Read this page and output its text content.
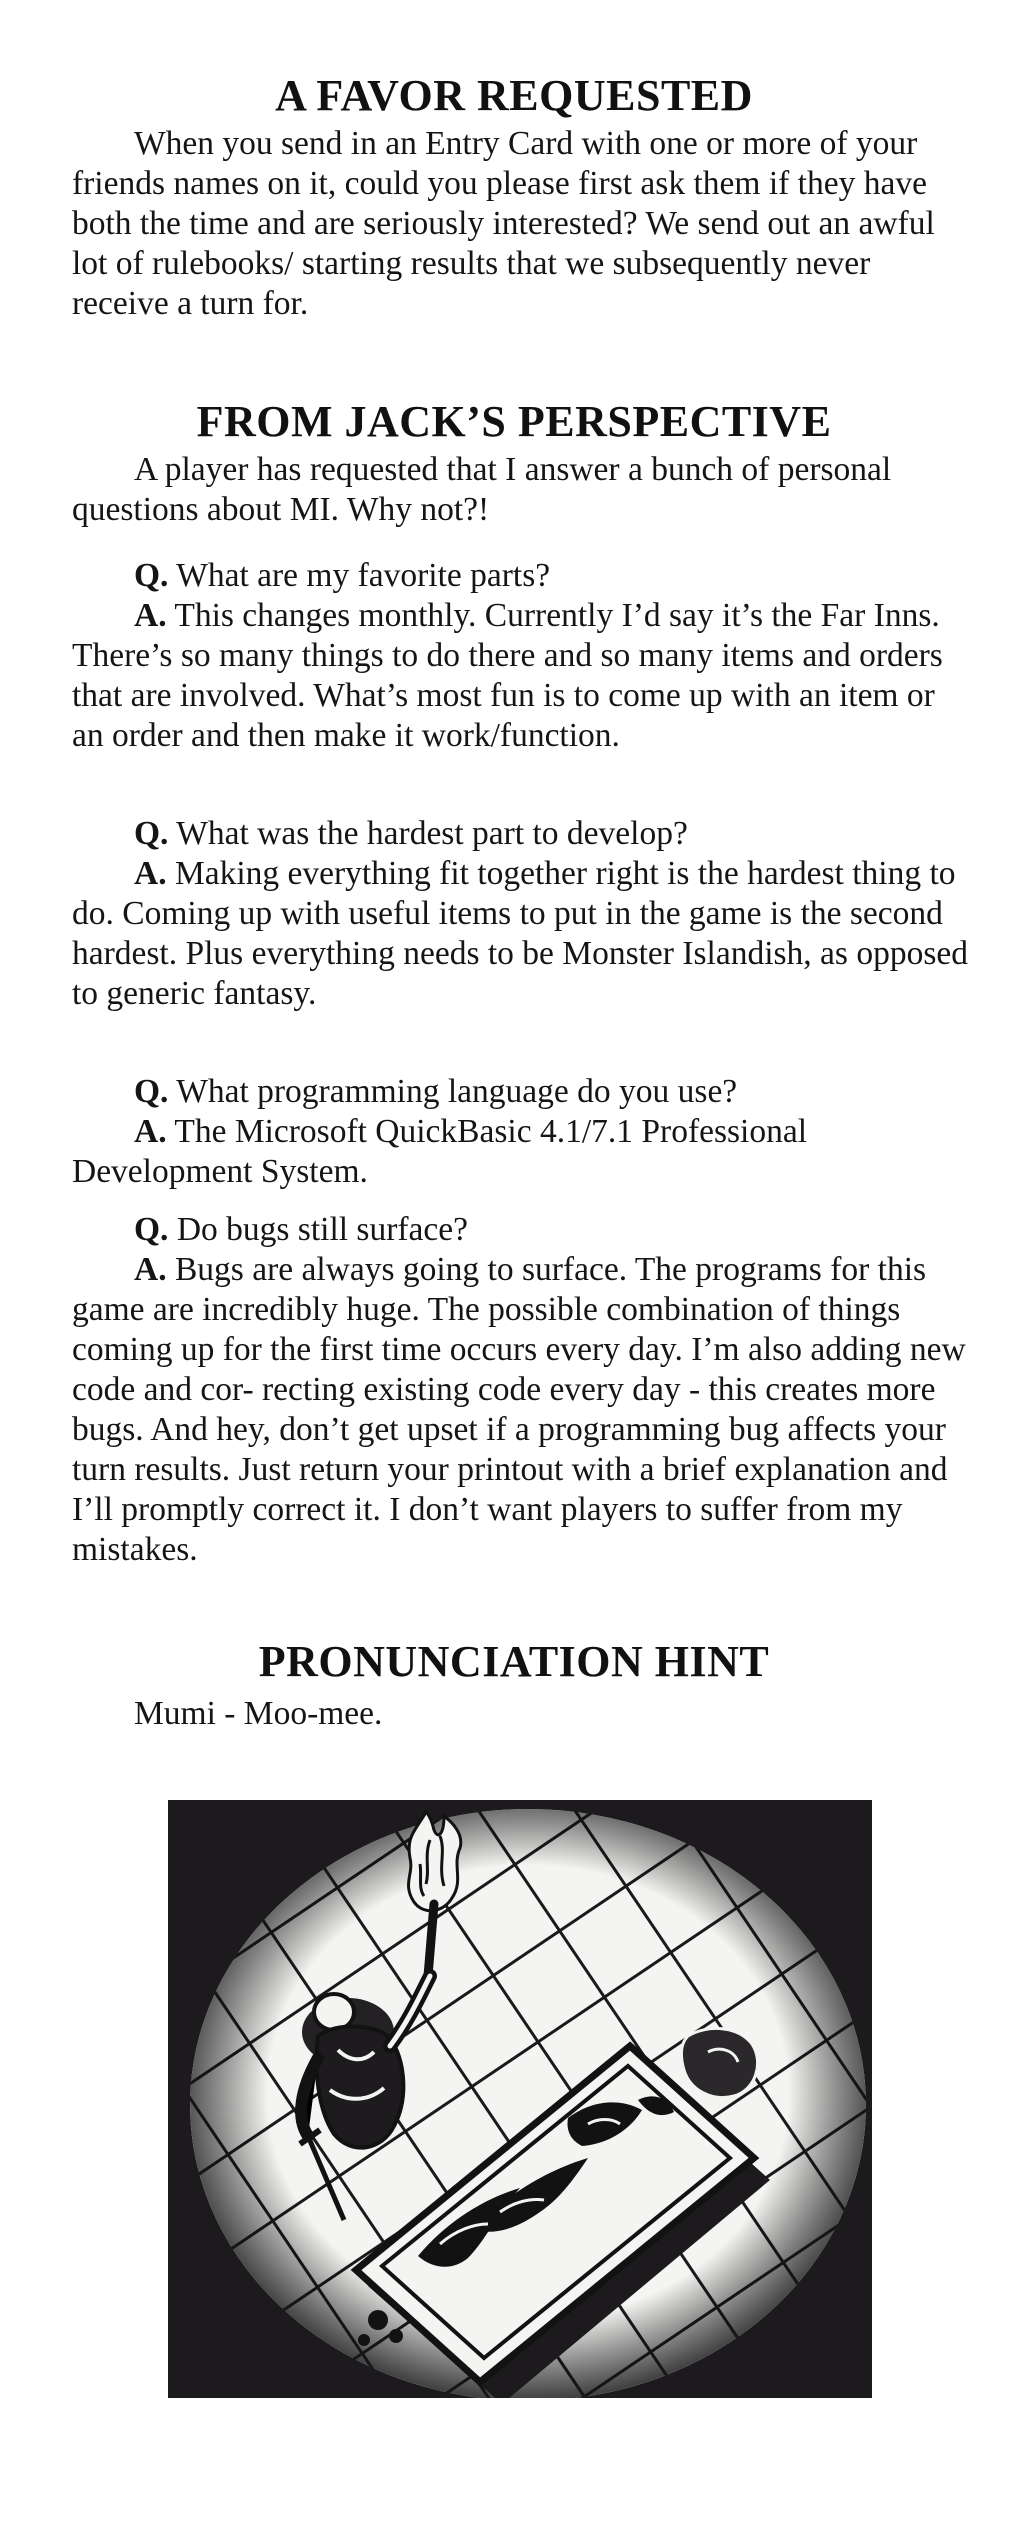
A FAVOR REQUESTED

When you send in an Entry Card with one or more of your friends names on it, could you please first ask them if they have both the time and are seriously interested? We send out an awful lot of rulebooks/ starting results that we subsequently never receive a turn for.

FROM JACK’S PERSPECTIVE

A player has requested that I answer a bunch of personal questions about MI. Why not?!

Q. What are my favorite parts?

A. This changes monthly. Currently I’d say it’s the Far Inns. There’s so many things to do there and so many items and orders that are involved. What’s most fun is to come up with an item or an order and then make it work/function.

Q. What was the hardest part to develop?

A. Making everything fit together right is the hardest thing to do. Coming up with useful items to put in the game is the second hardest. Plus everything needs to be Monster Islandish, as opposed to generic fantasy.

Q. What programming language do you use?

A. The Microsoft QuickBasic 4.1/7.1 Professional Development System.

Q. Do bugs still surface?

A. Bugs are always going to surface. The programs for this game are incredibly huge. The possible combination of things coming up for the first time occurs every day. I’m also adding new code and cor- recting existing code every day - this creates more bugs. And hey, don’t get upset if a programming bug affects your turn results. Just return your printout with a brief explanation and I’ll promptly correct it. I don’t want players to suffer from my mistakes.

PRONUNCIATION HINT

Mumi - Moo-mee.
